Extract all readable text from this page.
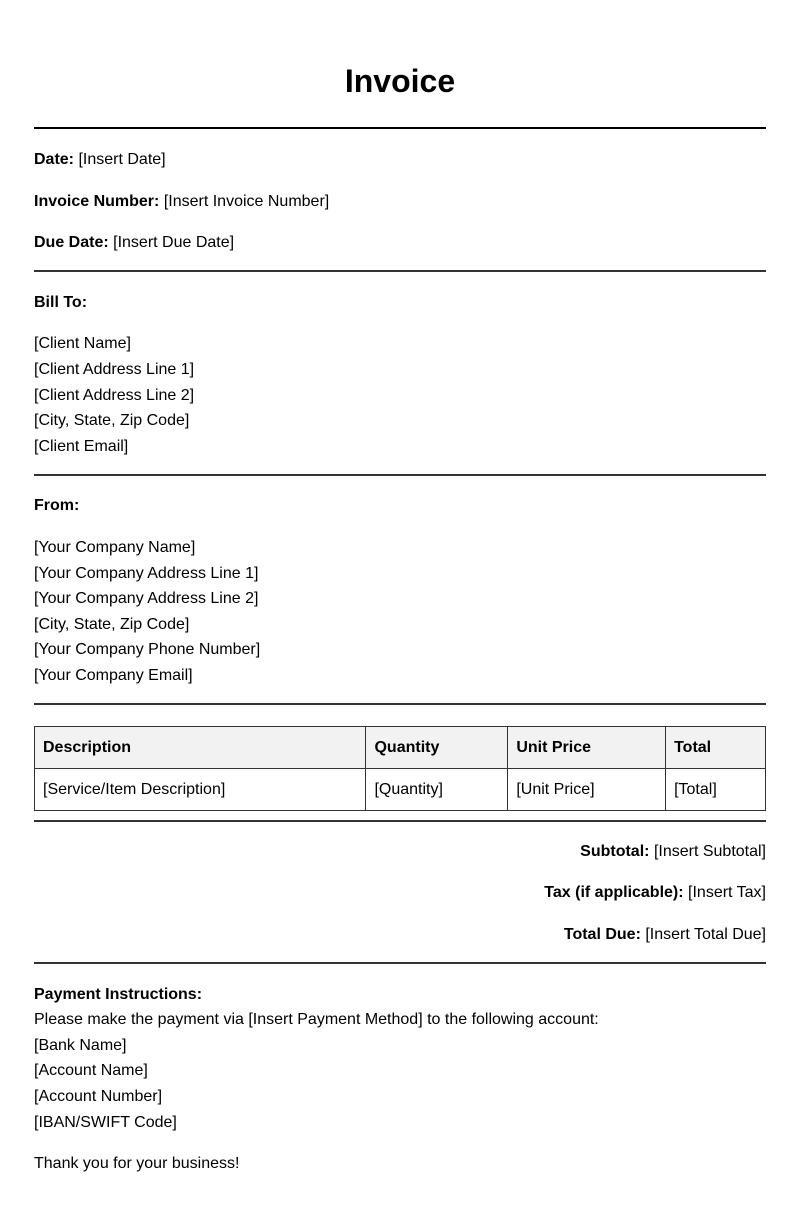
Invoice
Date: [Insert Date]
Invoice Number: [Insert Invoice Number]
Due Date: [Insert Due Date]
Bill To:
[Client Name]
[Client Address Line 1]
[Client Address Line 2]
[City, State, Zip Code]
[Client Email]
From:
[Your Company Name]
[Your Company Address Line 1]
[Your Company Address Line 2]
[City, State, Zip Code]
[Your Company Phone Number]
[Your Company Email]
Description	Quantity	Unit Price	Total
[Service/Item Description]	[Quantity]	[Unit Price]	[Total]
Subtotal: [Insert Subtotal]
Tax (if applicable): [Insert Tax]
Total Due: [Insert Total Due]
Payment Instructions:
Please make the payment via [Insert Payment Method] to the following account:
[Bank Name]
[Account Name]
[Account Number]
[IBAN/SWIFT Code]
Thank you for your business!
